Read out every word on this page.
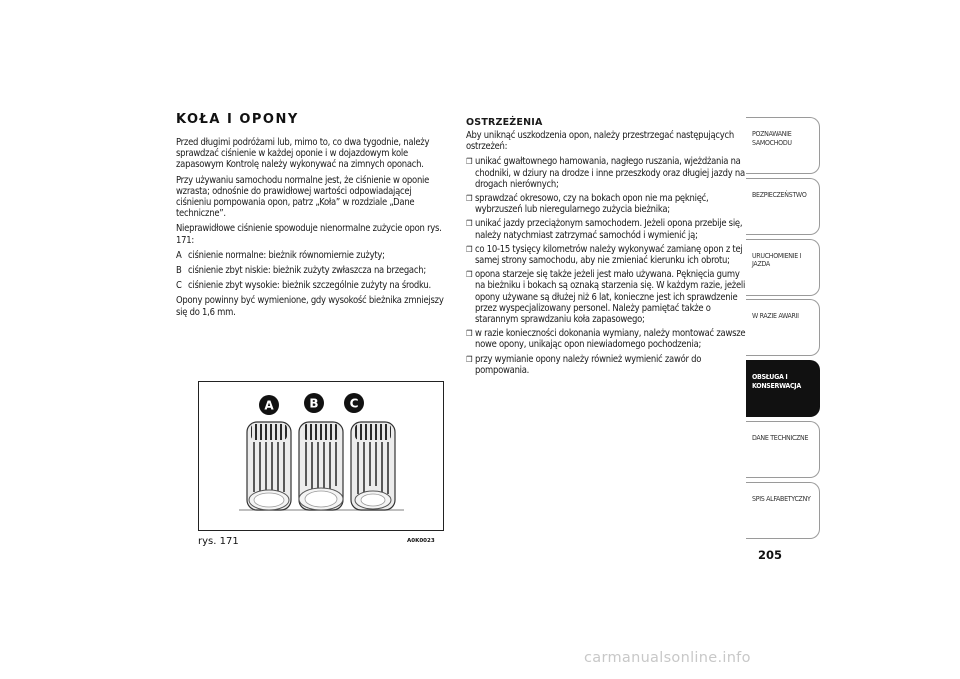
KOŁA I OPONY

Przed długimi podróżami lub, mimo to, co dwa tygodnie, należy sprawdzać ciśnienie w każdej oponie i w dojazdowym kole zapasowym Kontrolę należy wykonywać na zimnych oponach.

Przy używaniu samochodu normalne jest, że ciśnienie w oponie wzrasta; odnośnie do prawidłowej wartości odpowiadającej ciśnieniu pompowania opon, patrz „Koła” w rozdziale „Dane techniczne”.

Nieprawidłowe ciśnienie spowoduje nienormalne zużycie opon rys. 171:

A ciśnienie normalne: bieżnik równomiernie zużyty;
B ciśnienie zbyt niskie: bieżnik zużyty zwłaszcza na brzegach;
C ciśnienie zbyt wysokie: bieżnik szczególnie zużyty na środku.

Opony powinny być wymienione, gdy wysokość bieżnika zmniejszy się do 1,6 mm.

A	B	C
rys. 171	A0K0023
OSTRZEŻENIA

Aby uniknąć uszkodzenia opon, należy przestrzegać następujących ostrzeżeń:

❒ unikać gwałtownego hamowania, nagłego ruszania, wjeżdżania na chodniki, w dziury na drodze i inne przeszkody oraz długiej jazdy na drogach nierównych;
❒ sprawdzać okresowo, czy na bokach opon nie ma pęknięć, wybrzuszeń lub nieregularnego zużycia bieżnika;
❒ unikać jazdy przeciążonym samochodem. Jeżeli opona przebije się, należy natychmiast zatrzymać samochód i wymienić ją;
❒ co 10-15 tysięcy kilometrów należy wykonywać zamianę opon z tej samej strony samochodu, aby nie zmieniać kierunku ich obrotu;
❒ opona starzeje się także jeżeli jest mało używana. Pęknięcia gumy na bieżniku i bokach są oznaką starzenia się. W każdym razie, jeżeli opony używane są dłużej niż 6 lat, konieczne jest ich sprawdzenie przez wyspecjalizowany personel. Należy pamiętać także o starannym sprawdzaniu koła zapasowego;
❒ w razie konieczności dokonania wymiany, należy montować zawsze nowe opony, unikając opon niewiadomego pochodzenia;
❒ przy wymianie opony należy również wymienić zawór do pompowania.
POZNAWANIE
SAMOCHODU
BEZPIECZEŃSTWO
URUCHOMIENIE I
JAZDA
W RAZIE AWARII
OBSŁUGA I
KONSERWACJA
DANE TECHNICZNE
SPIS ALFABETYCZNY
205
carmanualsonline.info
